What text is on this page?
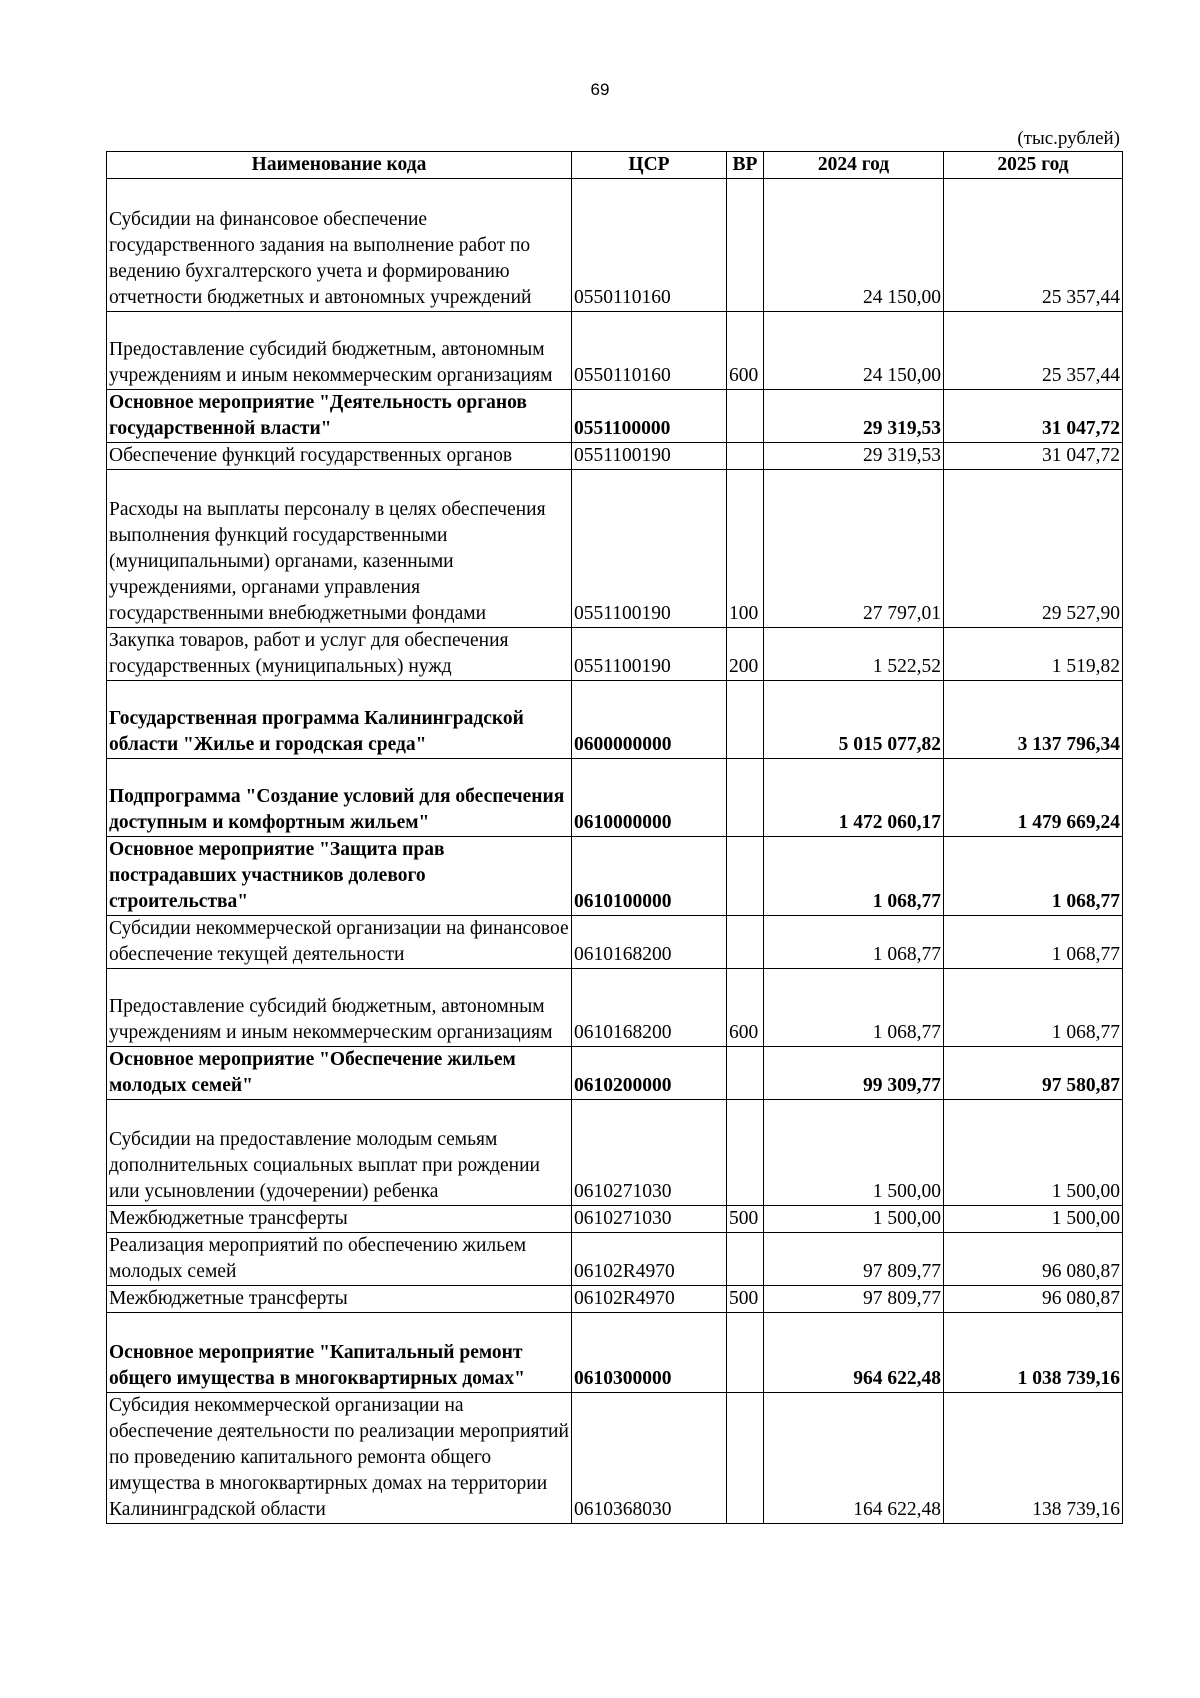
69
(тыс.рублей)
Наименование кода	ЦСР	ВР	2024 год	2025 год
Субсидии на финансовое обеспечение государственного задания на выполнение работ по ведению бухгалтерского учета и формированию отчетности бюджетных и автономных учреждений	0550110160		24 150,00	25 357,44
Предоставление субсидий бюджетным, автономным учреждениям и иным некоммерческим организациям	0550110160	600	24 150,00	25 357,44
Основное мероприятие "Деятельность органов государственной власти"	0551100000		29 319,53	31 047,72
Обеспечение функций государственных органов	0551100190		29 319,53	31 047,72
Расходы на выплаты персоналу в целях обеспечения выполнения функций государственными (муниципальными) органами, казенными учреждениями, органами управления государственными внебюджетными фондами	0551100190	100	27 797,01	29 527,90
Закупка товаров, работ и услуг для обеспечения государственных (муниципальных) нужд	0551100190	200	1 522,52	1 519,82
Государственная программа Калининградской области "Жилье и городская среда"	0600000000		5 015 077,82	3 137 796,34
Подпрограмма "Создание условий для обеспечения доступным и комфортным жильем"	0610000000		1 472 060,17	1 479 669,24
Основное мероприятие "Защита прав пострадавших участников долевого строительства"	0610100000		1 068,77	1 068,77
Субсидии некоммерческой организации на финансовое обеспечение текущей деятельности	0610168200		1 068,77	1 068,77
Предоставление субсидий бюджетным, автономным учреждениям и иным некоммерческим организациям	0610168200	600	1 068,77	1 068,77
Основное мероприятие "Обеспечение жильем молодых семей"	0610200000		99 309,77	97 580,87
Субсидии на предоставление молодым семьям дополнительных социальных выплат при рождении или усыновлении (удочерении) ребенка	0610271030		1 500,00	1 500,00
Межбюджетные трансферты	0610271030	500	1 500,00	1 500,00
Реализация мероприятий по обеспечению жильем молодых семей	06102R4970		97 809,77	96 080,87
Межбюджетные трансферты	06102R4970	500	97 809,77	96 080,87
Основное мероприятие "Капитальный ремонт общего имущества в многоквартирных домах"	0610300000		964 622,48	1 038 739,16
Субсидия некоммерческой организации на обеспечение деятельности по реализации мероприятий по проведению капитального ремонта общего имущества в многоквартирных домах на территории Калининградской области	0610368030		164 622,48	138 739,16
